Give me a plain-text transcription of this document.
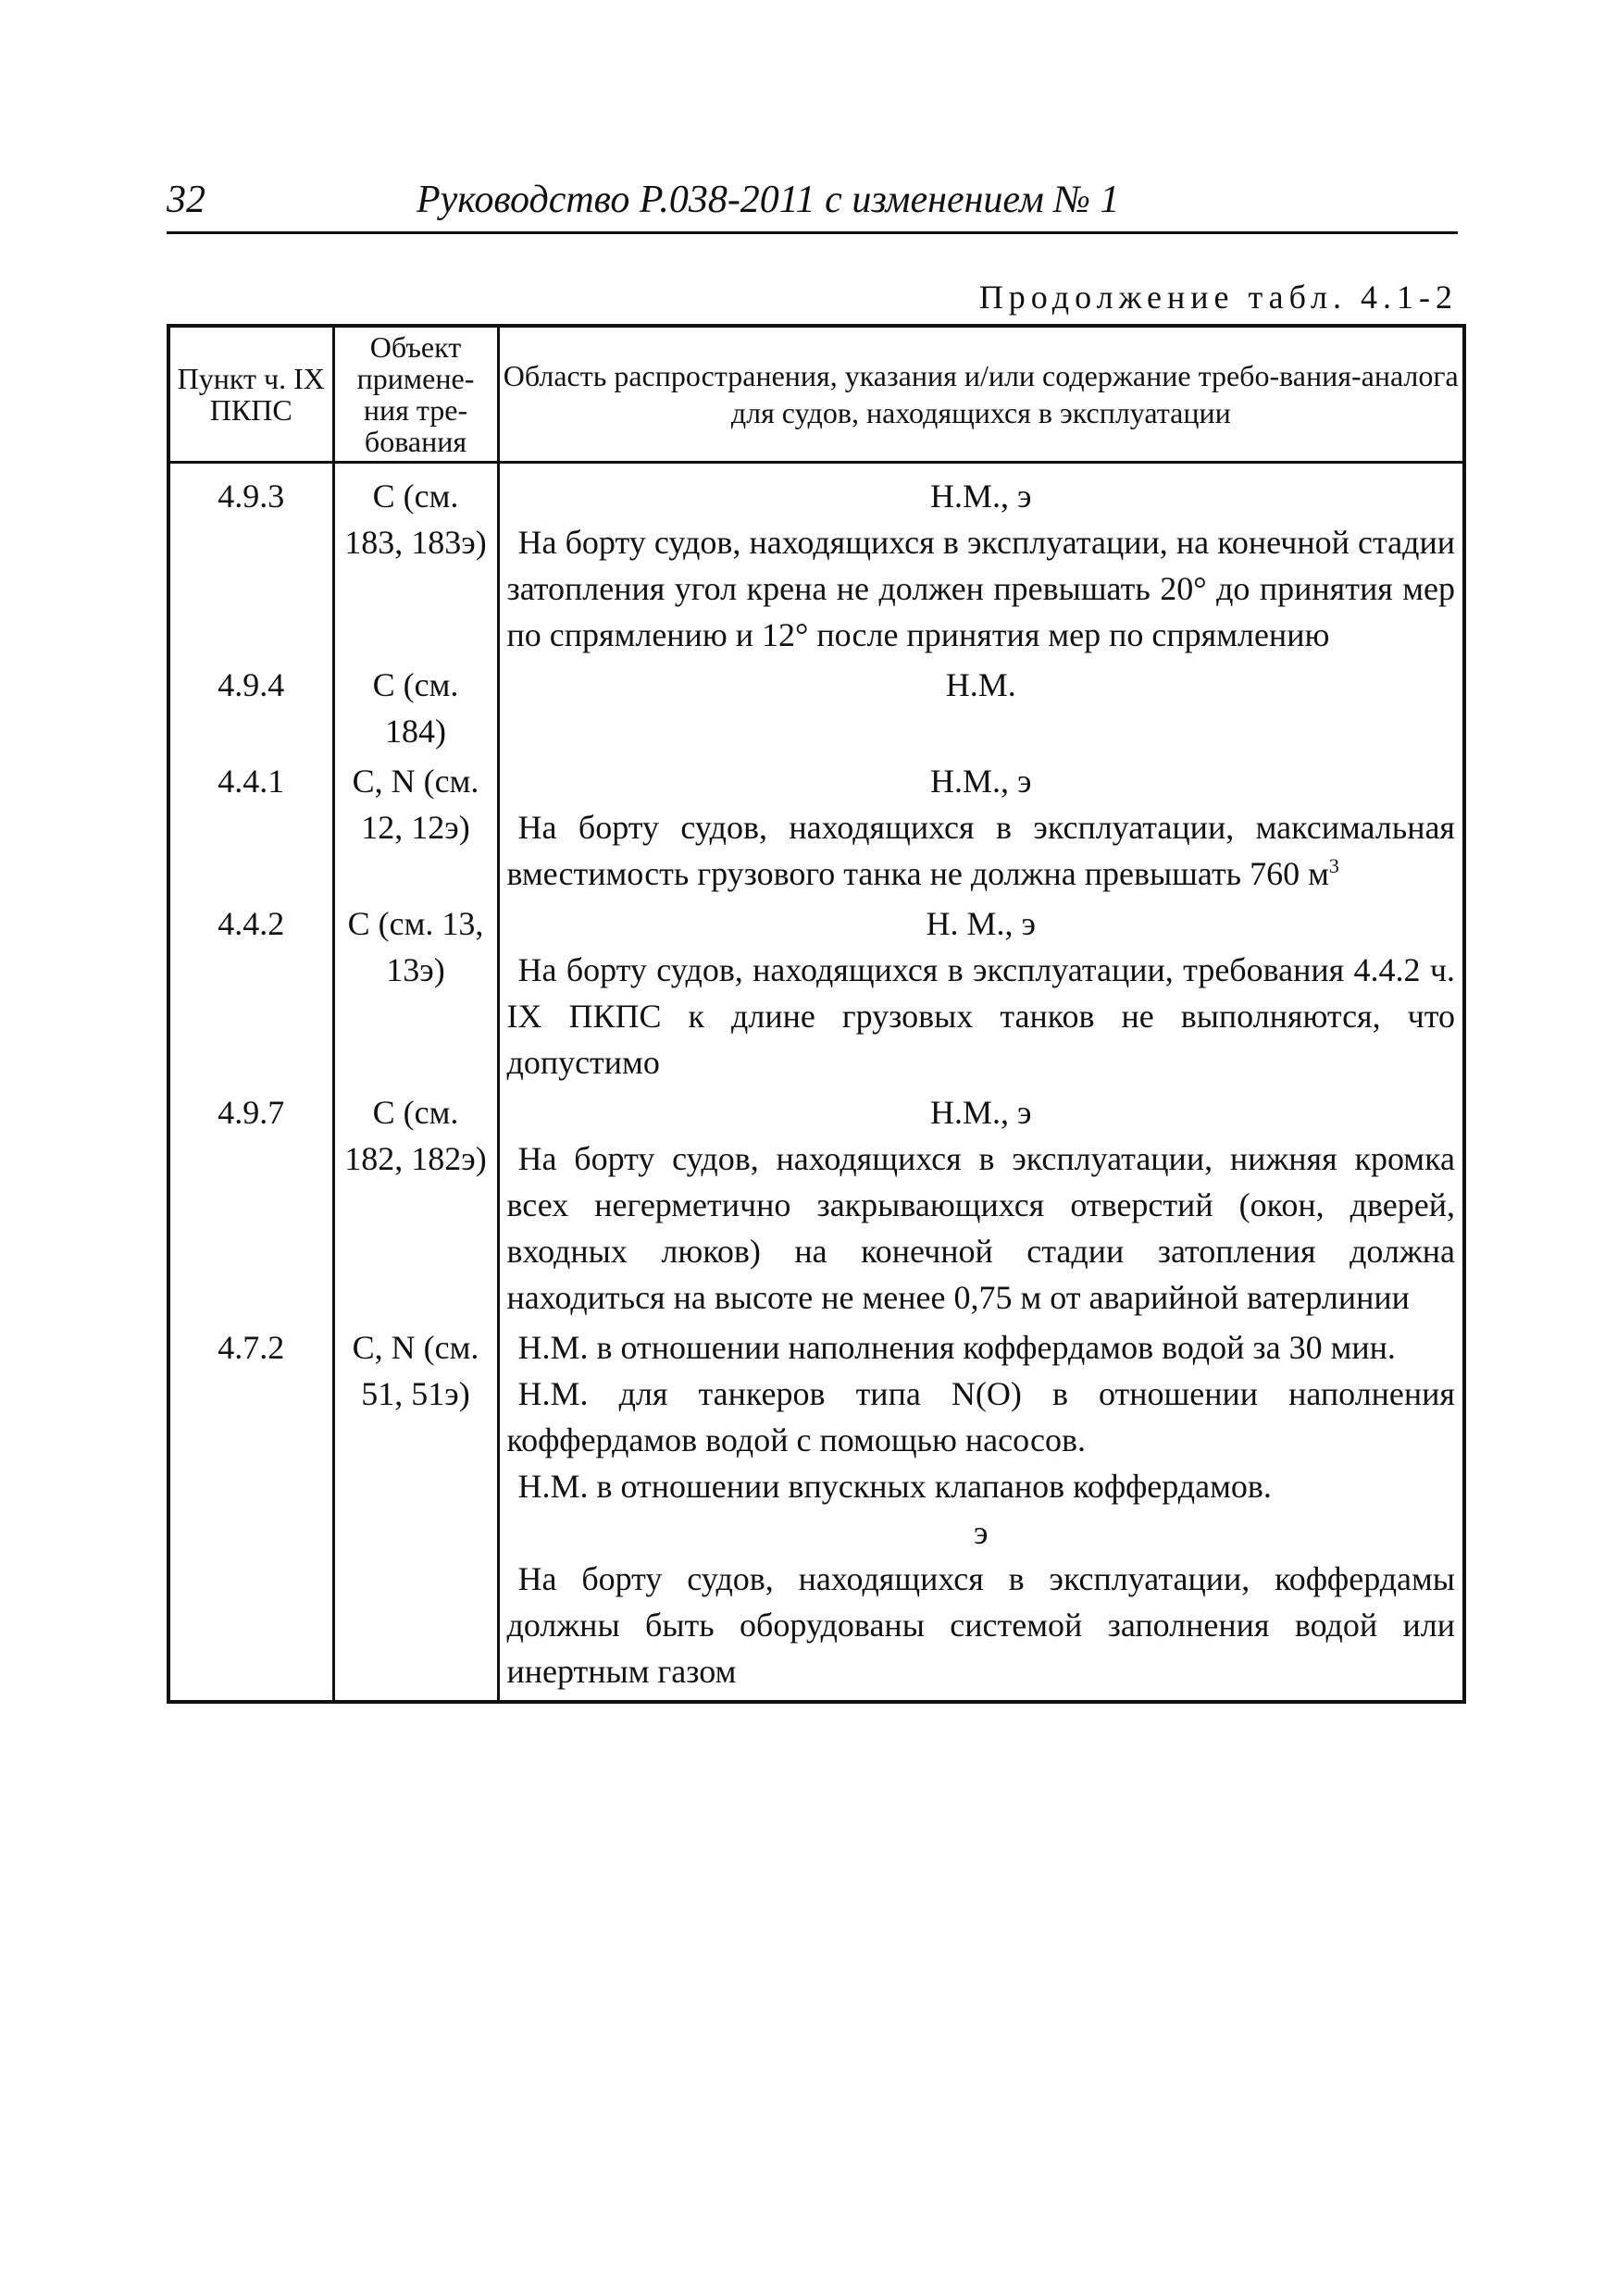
32	Руководство Р.038-2011 с изменением № 1
Продолжение табл. 4.1-2
Пункт ч. IX ПКПС	Объект примене-ния тре-бования	Область распространения, указания и/или содержание требо-вания-аналога для судов, находящихся в эксплуатации
4.9.3	С (см. 183, 183э)	Н.М., э
На борту судов, находящихся в эксплуатации, на конечной стадии затопления угол крена не должен превышать 20° до принятия мер по спрямлению и 12° после принятия мер по спрямлению

4.9.4	С (см. 184)	Н.М.

4.4.1	С, N (см. 12, 12э)	Н.М., э
На борту судов, находящихся в эксплуатации, максимальная вместимость грузового танка не должна превышать 760 $м^3$

4.4.2	С (см. 13, 13э)	Н. М., э
На борту судов, находящихся в эксплуатации, требования 4.4.2 ч. IX ПКПС к длине грузовых танков не выполняются, что допустимо

4.9.7	С (см. 182, 182э)	Н.М., э
На борту судов, находящихся в эксплуатации, нижняя кромка всех негерметично закрывающихся отверстий (окон, дверей, входных люков) на конечной стадии затопления должна находиться на высоте не менее 0,75 м от аварийной ватерлинии

4.7.2	С, N (см. 51, 51э)	Н.М. в отношении наполнения коффердамов водой за 30 мин.
Н.М. для танкеров типа N(O) в отношении наполнения коффердамов водой с помощью насосов.
Н.М. в отношении впускных клапанов коффердамов.
э
На борту судов, находящихся в эксплуатации, коффердамы должны быть оборудованы системой заполнения водой или инертным газом
